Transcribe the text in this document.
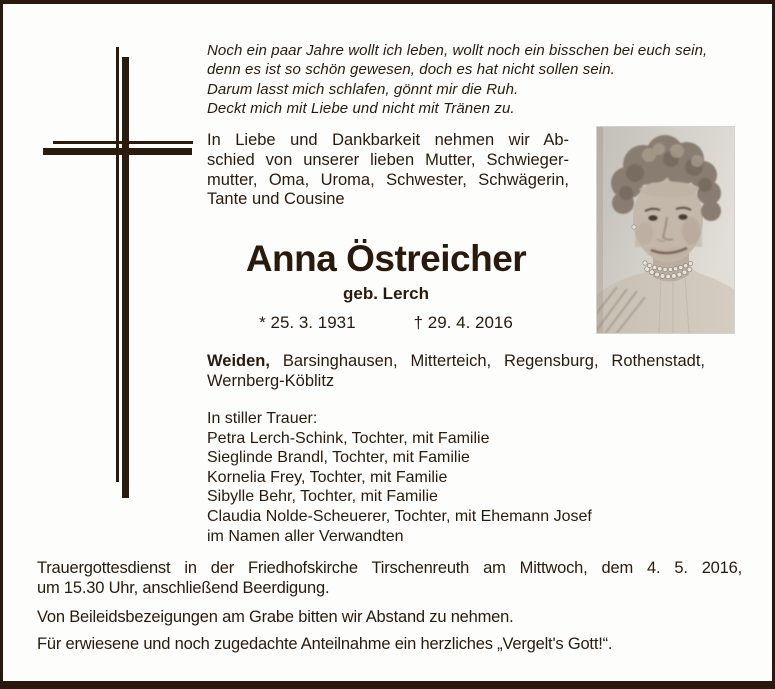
Noch ein paar Jahre wollt ich leben, wollt noch ein bisschen bei euch sein,
denn es ist so schön gewesen, doch es hat nicht sollen sein.
Darum lasst mich schlafen, gönnt mir die Ruh.
Deckt mich mit Liebe und nicht mit Tränen zu.
In Liebe und Dankbarkeit nehmen wir Ab-
schied von unserer lieben Mutter, Schwieger-
mutter, Oma, Uroma, Schwester, Schwägerin,
Tante und Cousine
Anna Östreicher
geb. Lerch
* 25. 3. 1931	† 29. 4. 2016
Weiden, Barsinghausen, Mitterteich, Regensburg, Rothenstadt,
Wernberg-Köblitz
In stiller Trauer:
Petra Lerch-Schink, Tochter, mit Familie
Sieglinde Brandl, Tochter, mit Familie
Kornelia Frey, Tochter, mit Familie
Sibylle Behr, Tochter, mit Familie
Claudia Nolde-Scheuerer, Tochter, mit Ehemann Josef
im Namen aller Verwandten
Trauergottesdienst in der Friedhofskirche Tirschenreuth am Mittwoch, dem 4. 5. 2016,
um 15.30 Uhr, anschließend Beerdigung.
Von Beileidsbezeigungen am Grabe bitten wir Abstand zu nehmen.
Für erwiesene und noch zugedachte Anteilnahme ein herzliches „Vergelt's Gott!“.
